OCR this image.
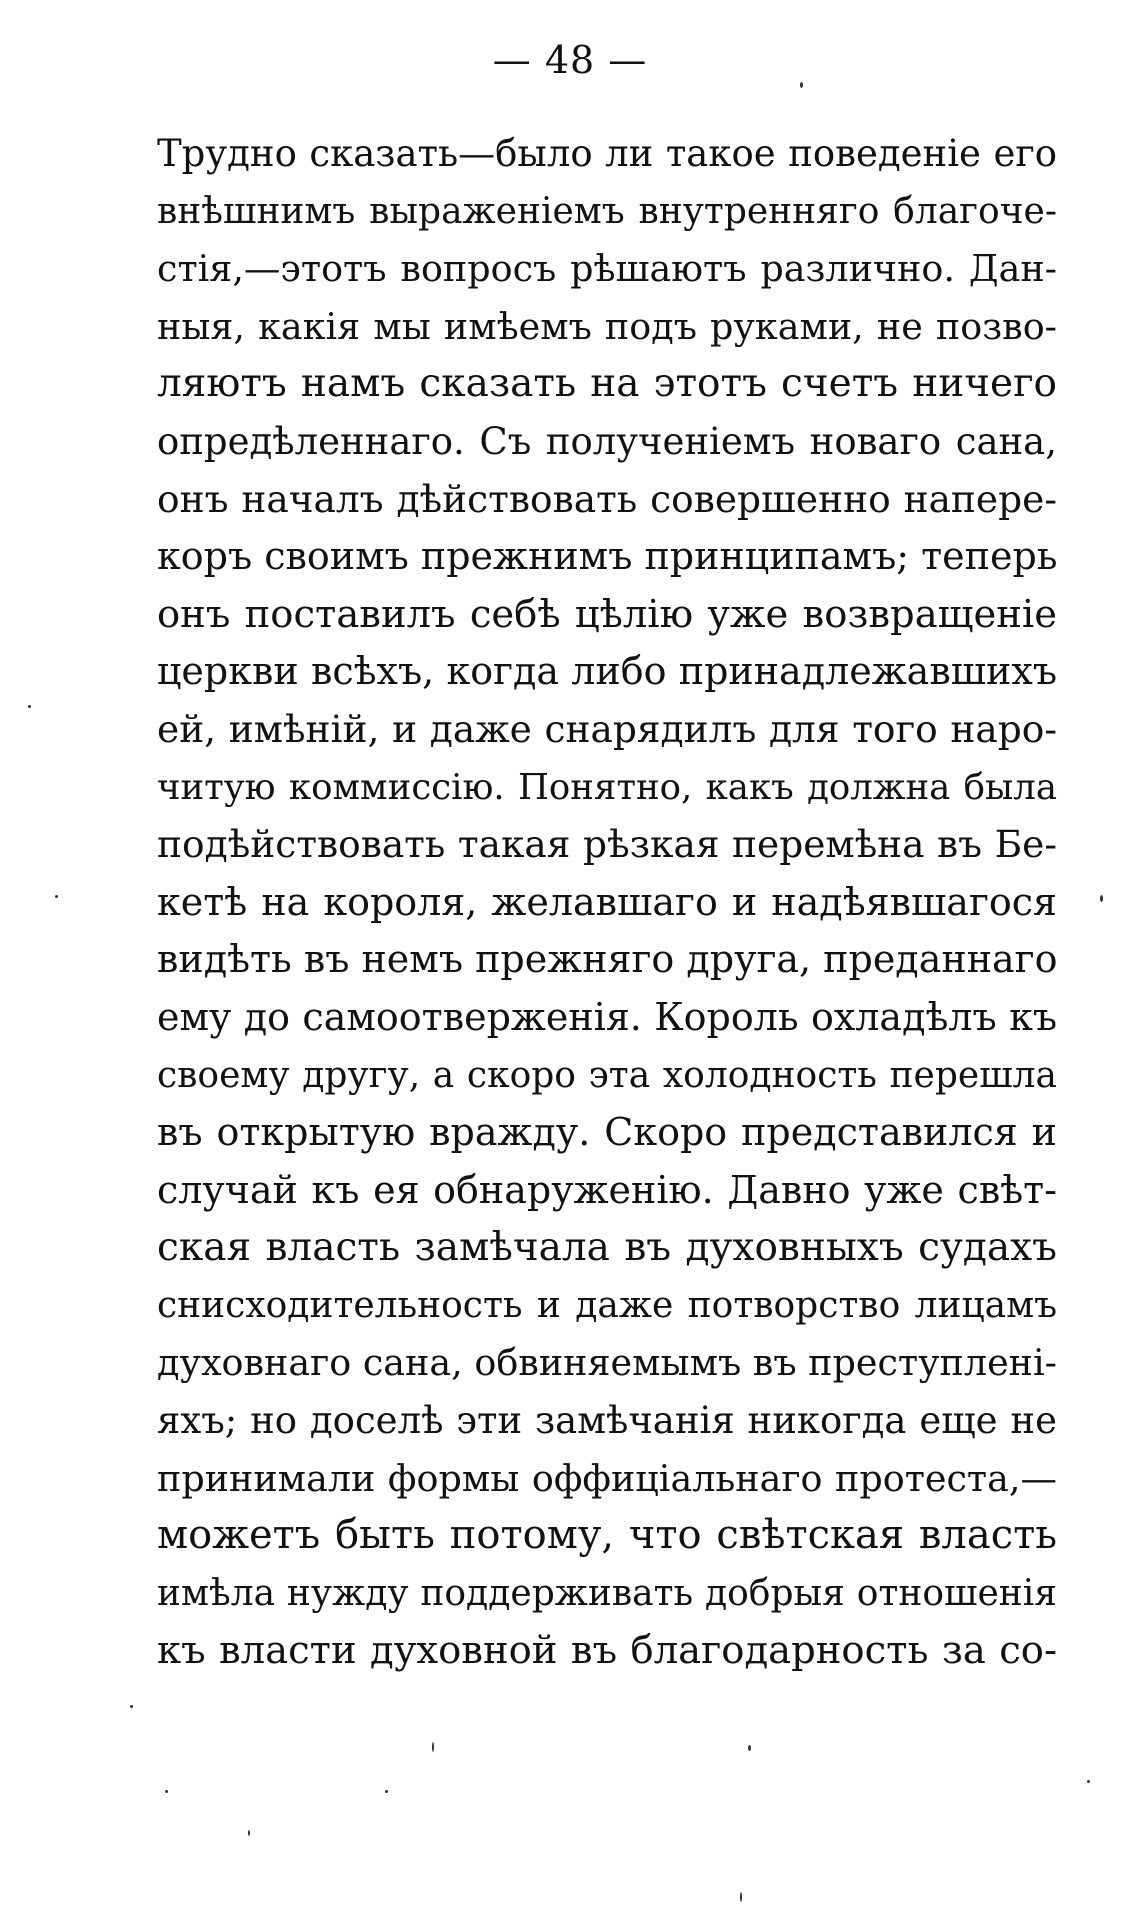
— 48 —
Трудно сказать—было ли такое поведеніе его
внѣшнимъ выраженіемъ внутренняго благоче-
стія,—этотъ вопросъ рѣшаютъ различно. Дан-
ныя, какія мы имѣемъ подъ руками, не позво-
ляютъ намъ сказать на этотъ счетъ ничего
опредѣленнаго. Съ полученіемъ новаго сана,
онъ началъ дѣйствовать совершенно напере-
коръ своимъ прежнимъ принципамъ; теперь
онъ поставилъ себѣ цѣлію уже возвращеніе
церкви всѣхъ, когда либо принадлежавшихъ
ей, имѣній, и даже снарядилъ для того наро-
читую коммиссію. Понятно, какъ должна была
подѣйствовать такая рѣзкая перемѣна въ Бе-
кетѣ на короля, желавшаго и надѣявшагося
видѣть въ немъ прежняго друга, преданнаго
ему до самоотверженія. Король охладѣлъ къ
своему другу, а скоро эта холодность перешла
въ открытую вражду. Скоро представился и
случай къ ея обнаруженію. Давно уже свѣт-
ская власть замѣчала въ духовныхъ судахъ
снисходительность и даже потворство лицамъ
духовнаго сана, обвиняемымъ въ преступлені-
яхъ; но доселѣ эти замѣчанія никогда еще не
принимали формы оффиціальнаго протеста,—
можетъ быть потому, что свѣтская власть
имѣла нужду поддерживать добрыя отношенія
къ власти духовной въ благодарность за со-
